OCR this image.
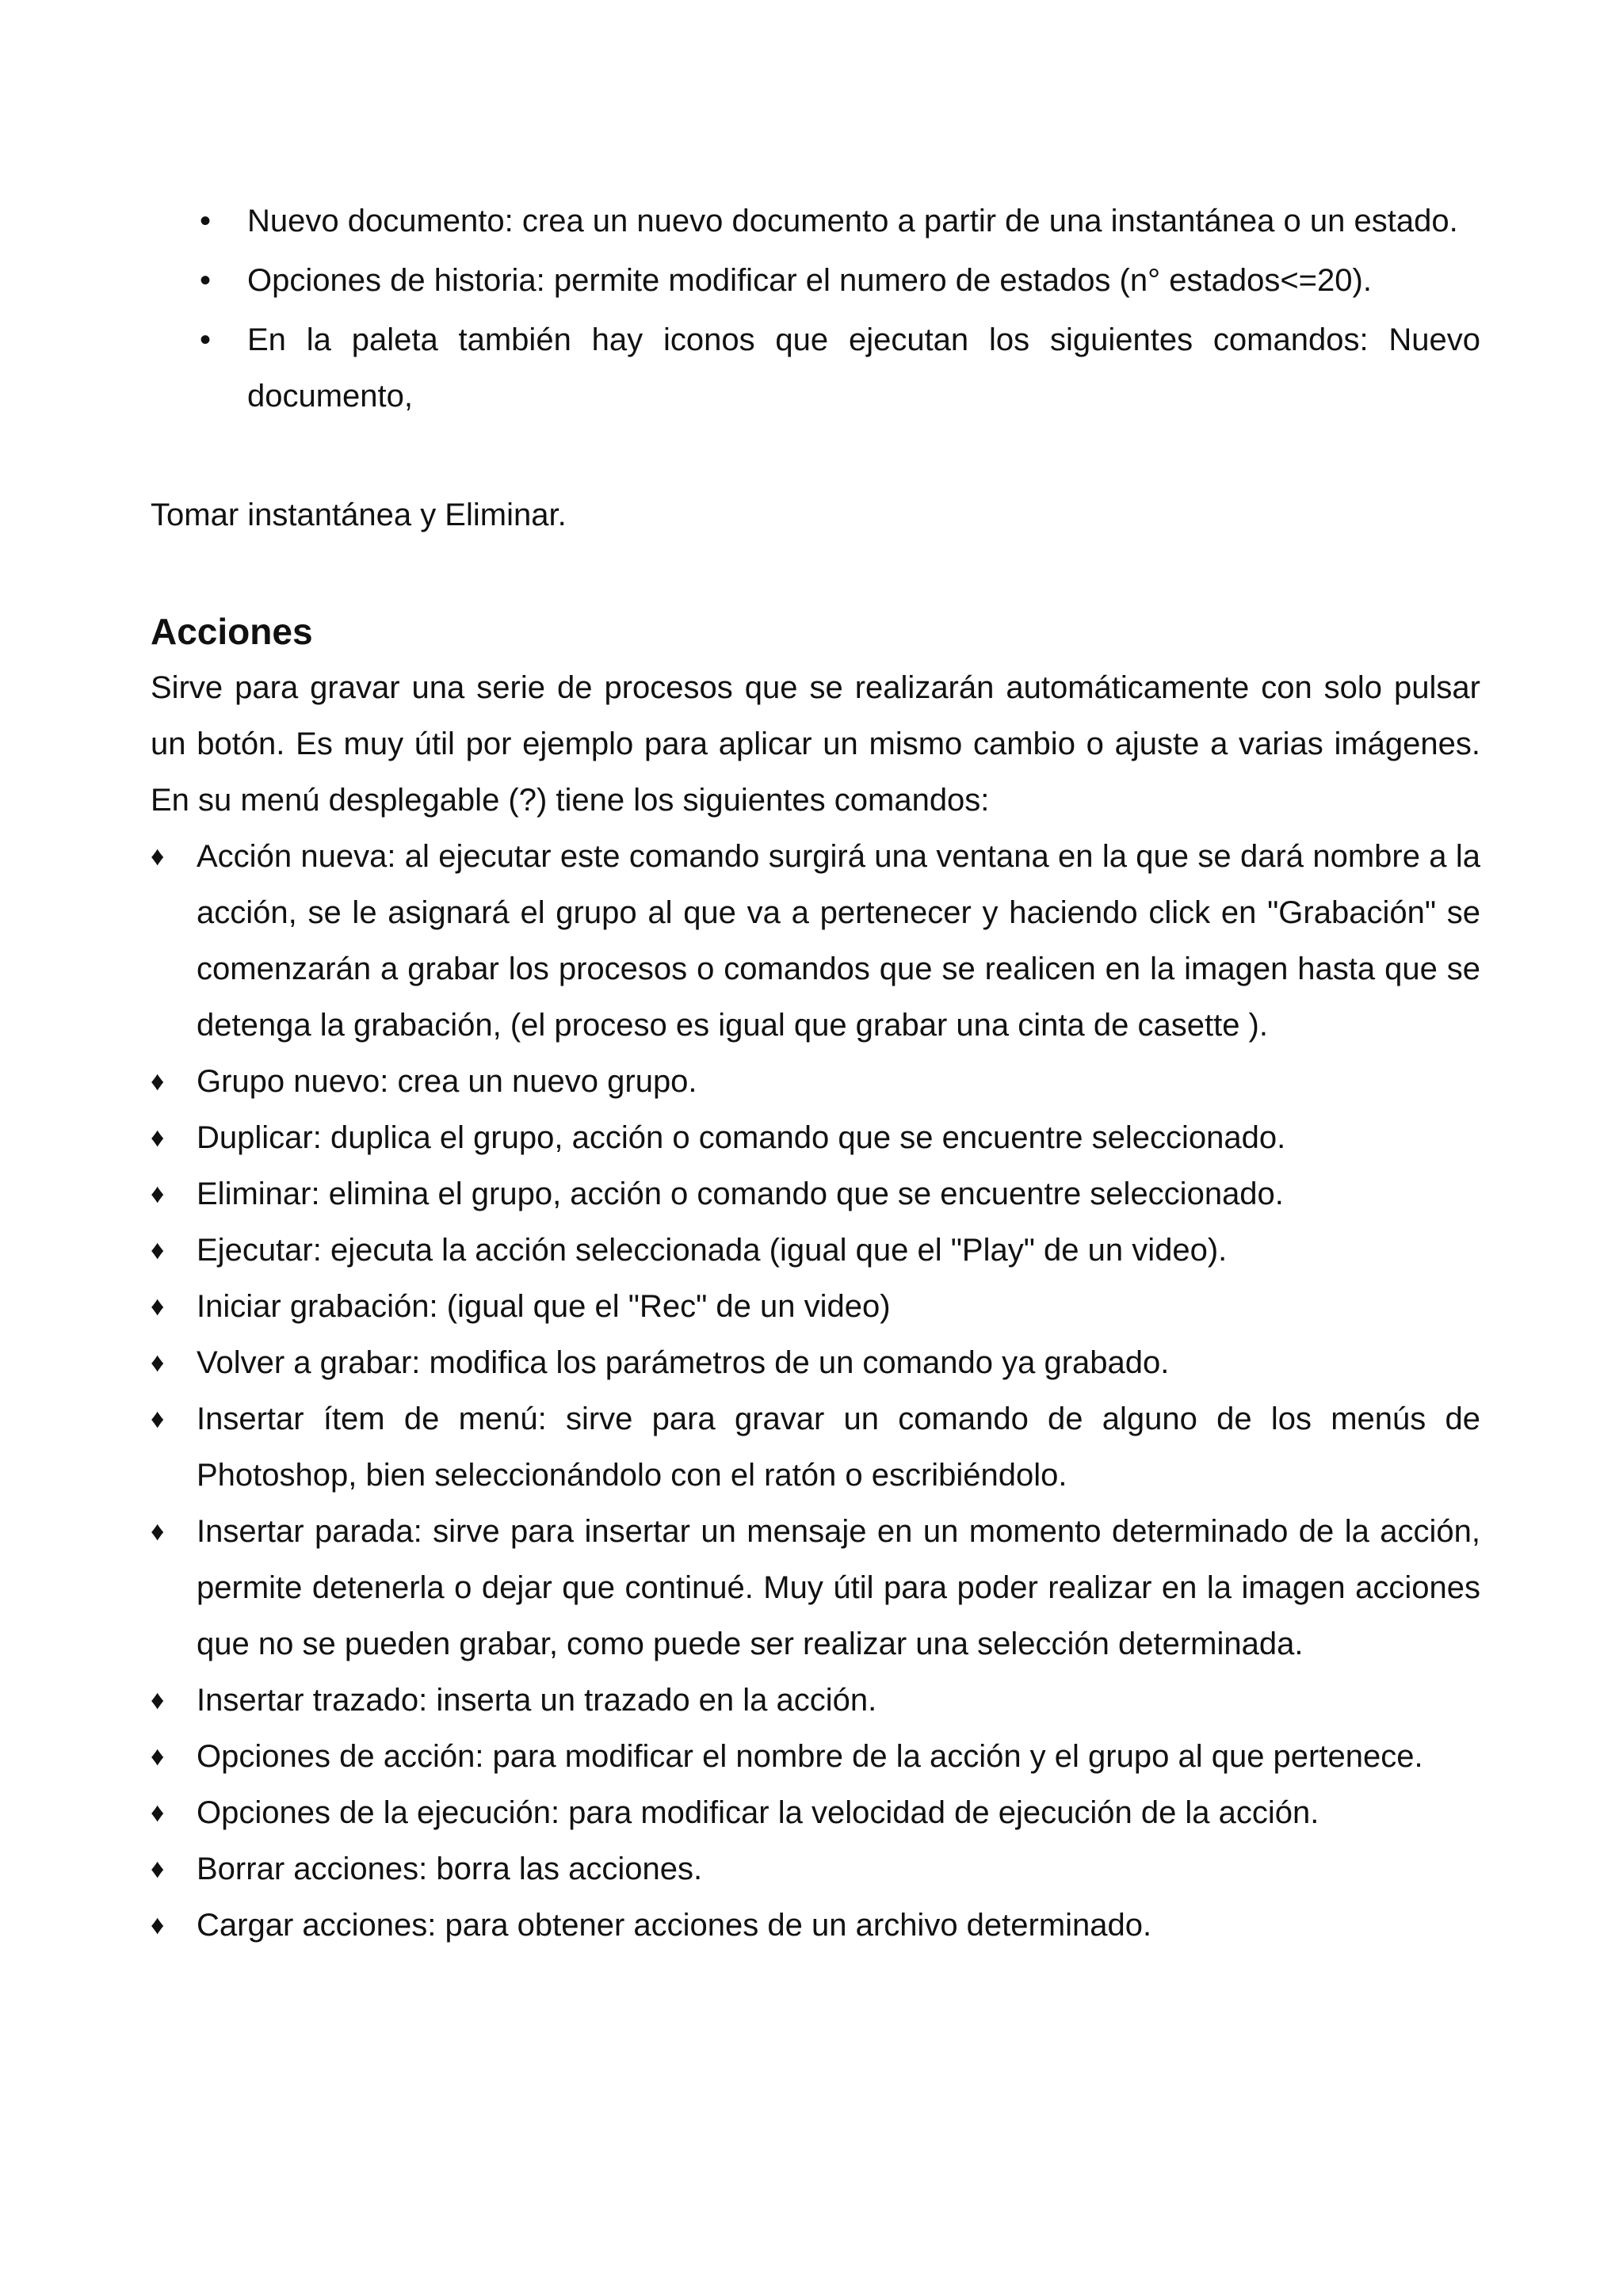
• Nuevo documento: crea un nuevo documento a partir de una instantánea o un estado.
• Opciones de historia: permite modificar el numero de estados (n° estados<=20).
• En la paleta también hay iconos que ejecutan los siguientes comandos: Nuevo documento,

Tomar instantánea y Eliminar.

Acciones

Sirve para gravar una serie de procesos que se realizarán automáticamente con solo pulsar un botón. Es muy útil por ejemplo para aplicar un mismo cambio o ajuste a varias imágenes. En su menú desplegable (?) tiene los siguientes comandos:

♦ Acción nueva: al ejecutar este comando surgirá una ventana en la que se dará nombre a la acción, se le asignará el grupo al que va a pertenecer y haciendo click en "Grabación" se comenzarán a grabar los procesos o comandos que se realicen en la imagen hasta que se detenga la grabación, (el proceso es igual que grabar una cinta de casette ).
♦ Grupo nuevo: crea un nuevo grupo.
♦ Duplicar: duplica el grupo, acción o comando que se encuentre seleccionado.
♦ Eliminar: elimina el grupo, acción o comando que se encuentre seleccionado.
♦ Ejecutar: ejecuta la acción seleccionada (igual que el "Play" de un video).
♦ Iniciar grabación: (igual que el "Rec" de un video)
♦ Volver a grabar: modifica los parámetros de un comando ya grabado.
♦ Insertar ítem de menú: sirve para gravar un comando de alguno de los menús de Photoshop, bien seleccionándolo con el ratón o escribiéndolo.
♦ Insertar parada: sirve para insertar un mensaje en un momento determinado de la acción, permite detenerla o dejar que continué. Muy útil para poder realizar en la imagen acciones que no se pueden grabar, como puede ser realizar una selección determinada.
♦ Insertar trazado: inserta un trazado en la acción.
♦ Opciones de acción: para modificar el nombre de la acción y el grupo al que pertenece.
♦ Opciones de la ejecución: para modificar la velocidad de ejecución de la acción.
♦ Borrar acciones: borra las acciones.
♦ Cargar acciones: para obtener acciones de un archivo determinado.
